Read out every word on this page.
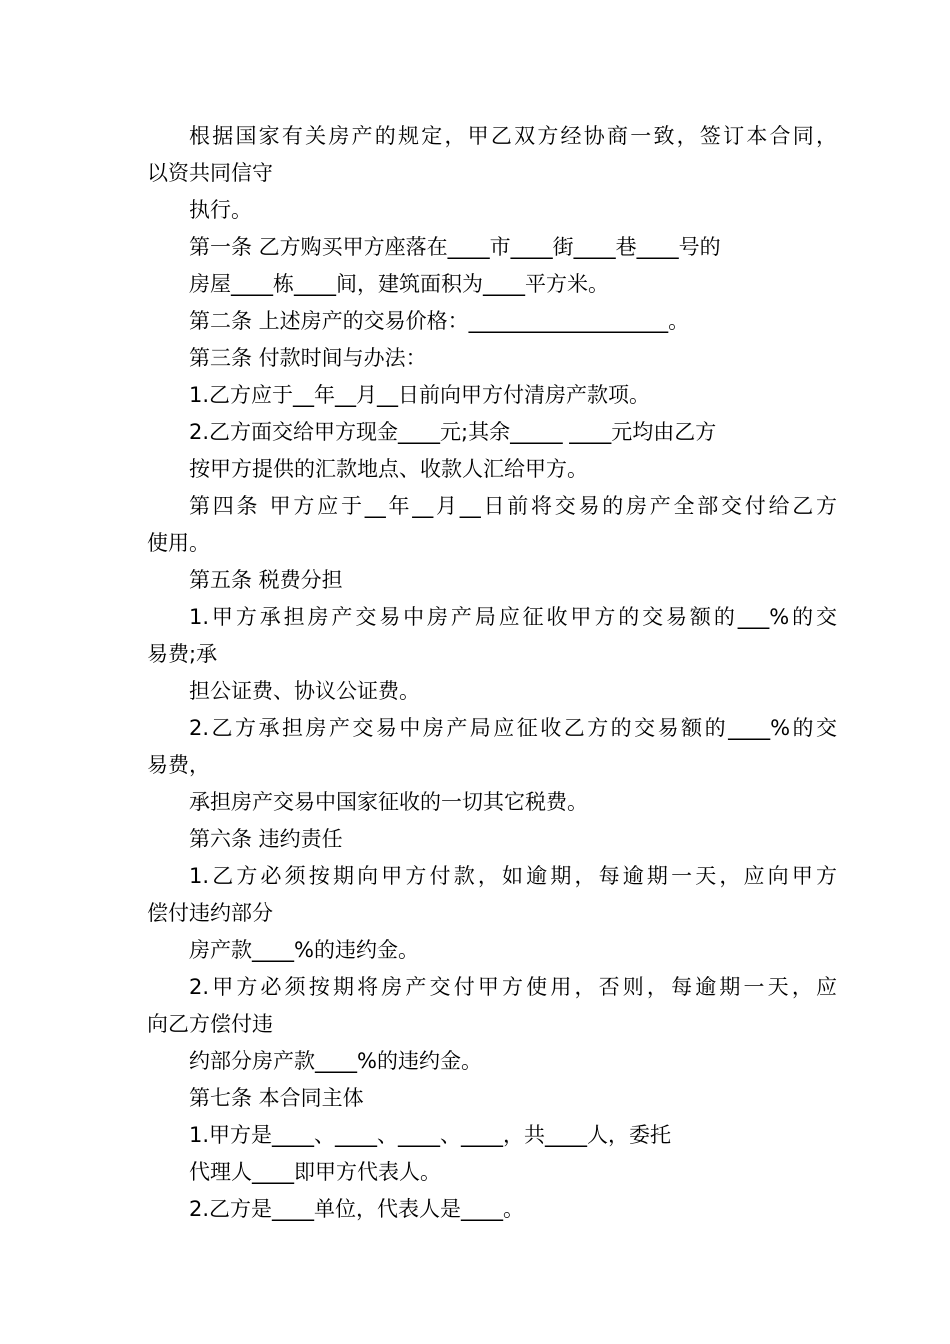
根据国家有关房产的规定，甲乙双方经协商一致，签订本合同，
以资共同信守
执行。
第一条 乙方购买甲方座落在____市____街____巷____号的
房屋____栋____间，建筑面积为____平方米。
第二条 上述房产的交易价格：___________________。
第三条 付款时间与办法：
1.乙方应于__年__月__日前向甲方付清房产款项。
2.乙方面交给甲方现金____元;其余_____ ____元均由乙方
按甲方提供的汇款地点、收款人汇给甲方。
第四条 甲方应于__年__月__日前将交易的房产全部交付给乙方
使用。
第五条 税费分担
1.甲方承担房产交易中房产局应征收甲方的交易额的___%的交
易费;承
担公证费、协议公证费。
2.乙方承担房产交易中房产局应征收乙方的交易额的____%的交
易费，
承担房产交易中国家征收的一切其它税费。
第六条 违约责任
1.乙方必须按期向甲方付款，如逾期，每逾期一天，应向甲方
偿付违约部分
房产款____%的违约金。
2.甲方必须按期将房产交付甲方使用，否则，每逾期一天，应
向乙方偿付违
约部分房产款____%的违约金。
第七条 本合同主体
1.甲方是____、____、____、____，共____人，委托
代理人____即甲方代表人。
2.乙方是____单位，代表人是____。
